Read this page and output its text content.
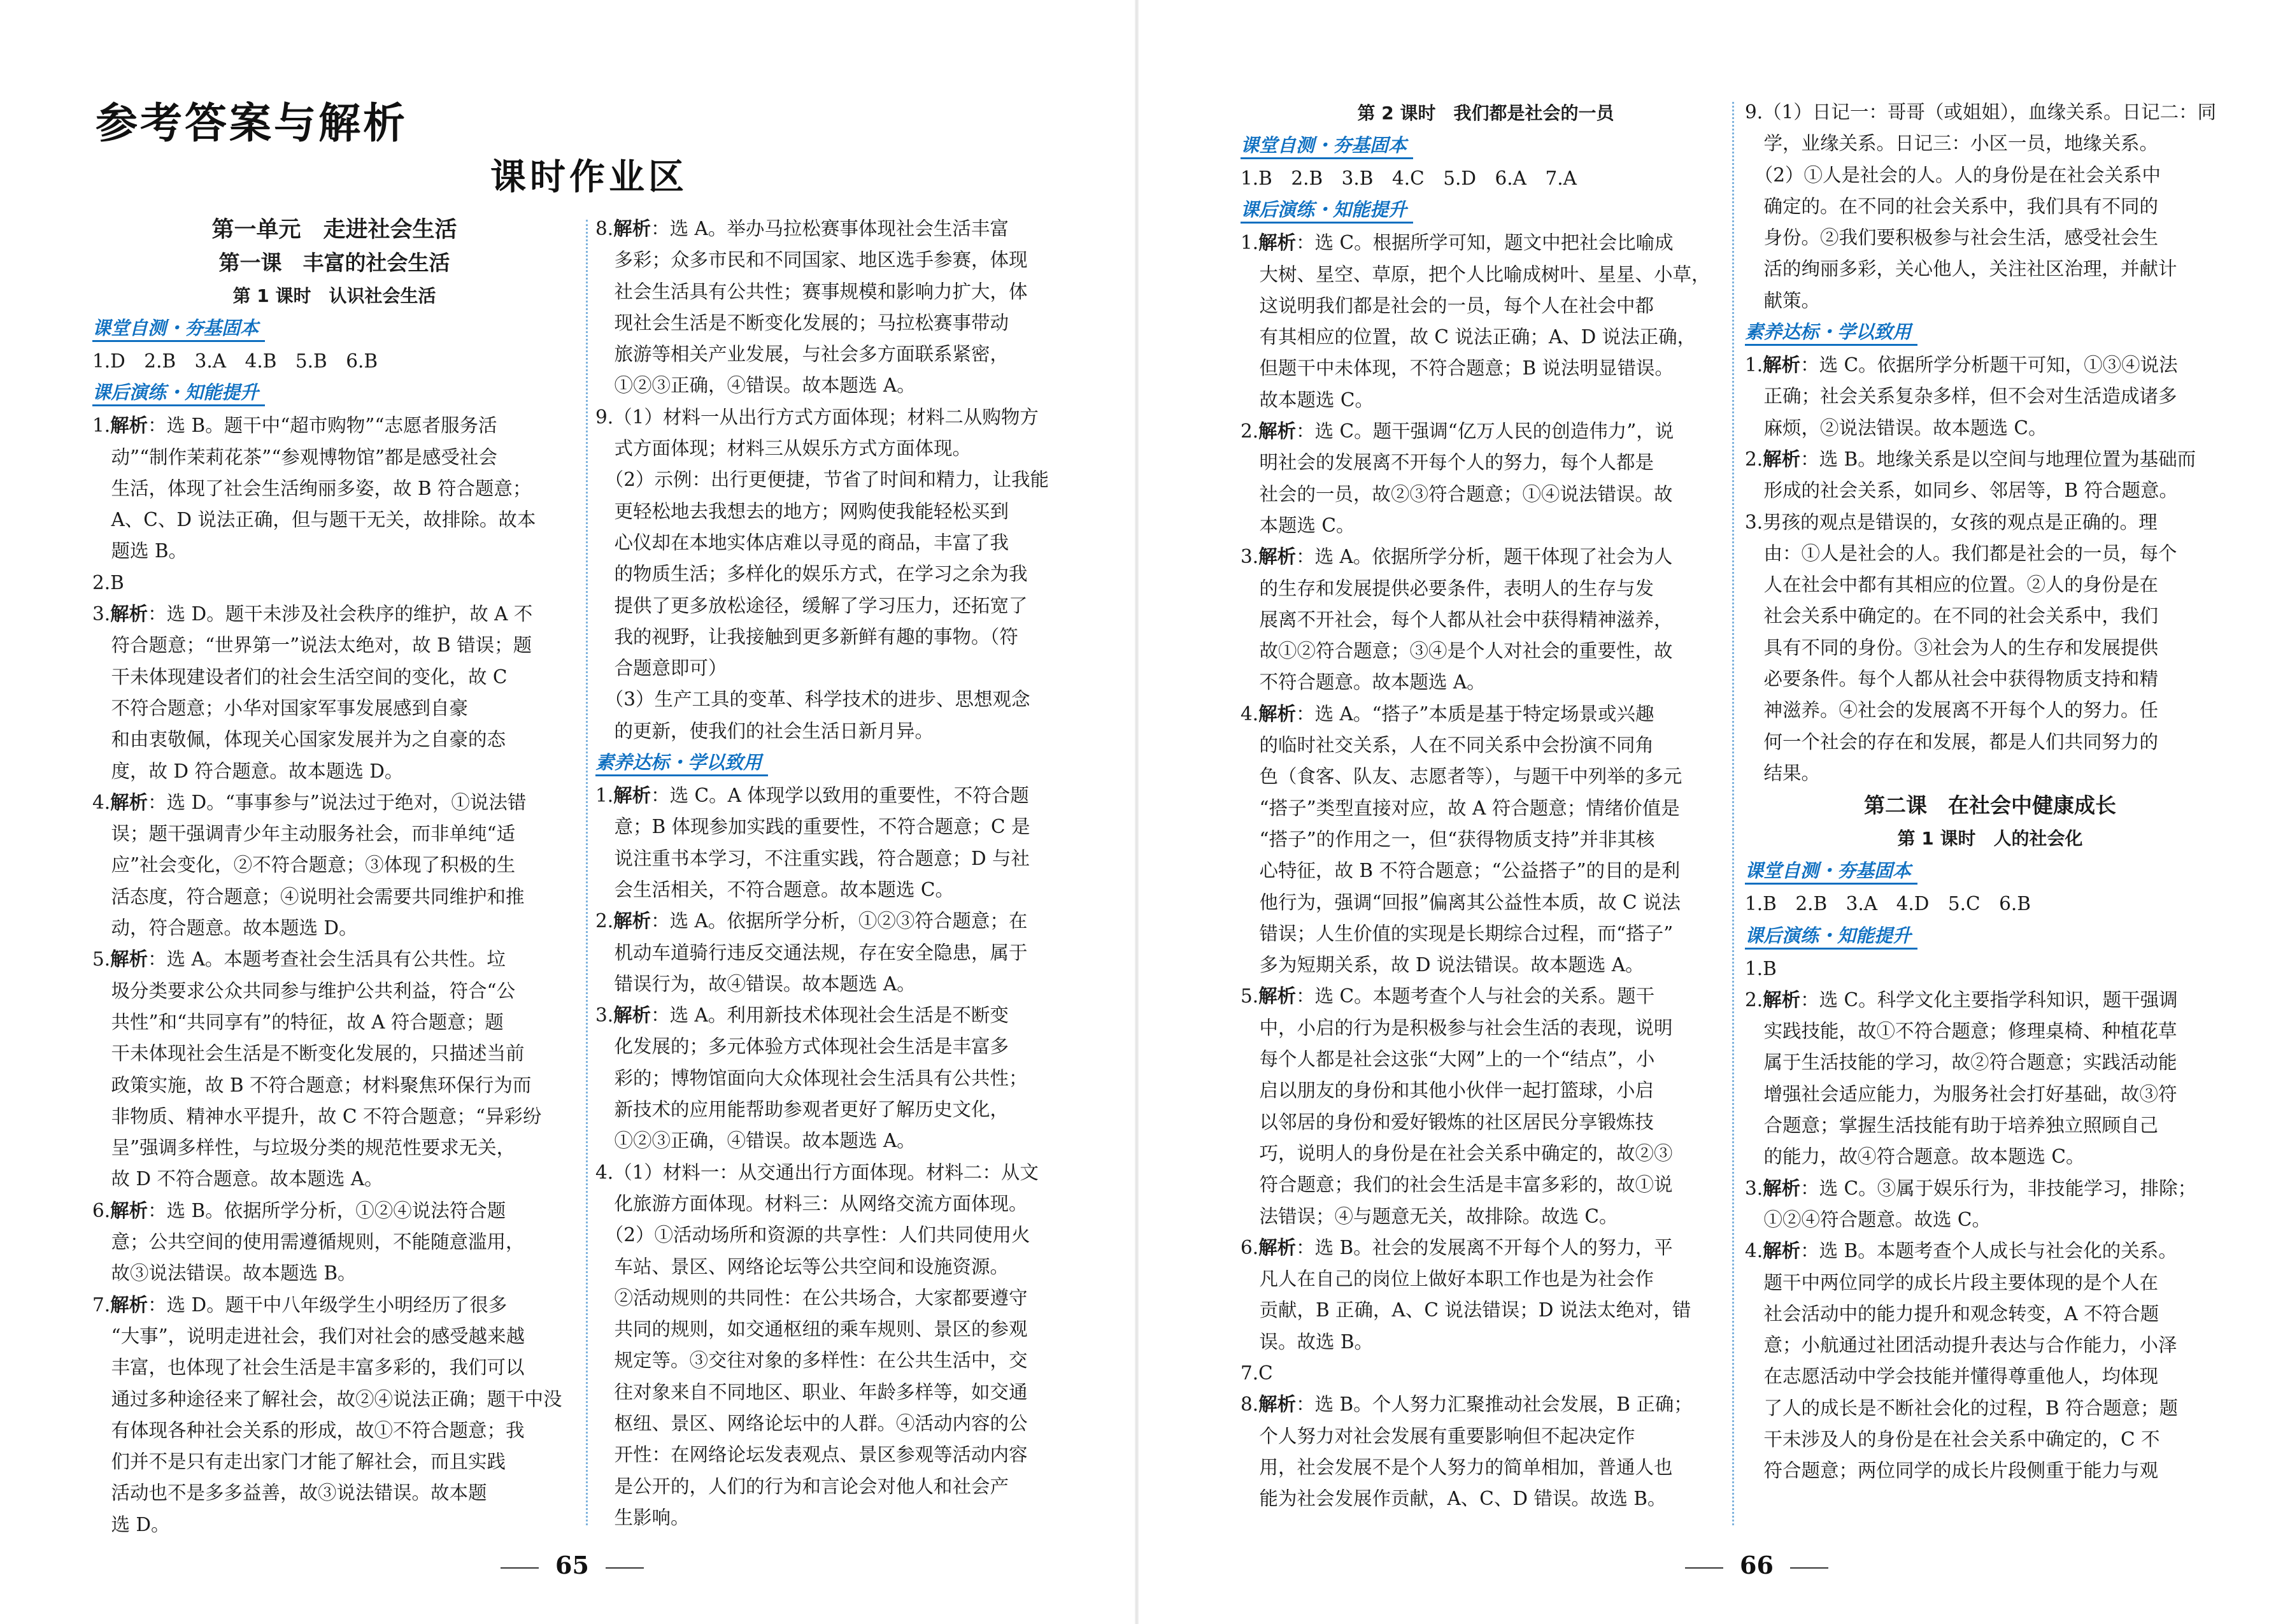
参考答案与解析
课时作业区
第一单元　走进社会生活
第一课　丰富的社会生活
第 1 课时　认识社会生活
课堂自测・夯基固本
1.D　2.B　3.A　4.B　5.B　6.B
课后演练・知能提升
1.解析：选 B。题干中“超市购物”“志愿者服务活
　动”“制作茉莉花茶”“参观博物馆”都是感受社会
　生活，体现了社会生活绚丽多姿，故 B 符合题意；
　A、C、D 说法正确，但与题干无关，故排除。故本
　题选 B。
2.B
3.解析：选 D。题干未涉及社会秩序的维护，故 A 不
　符合题意；“世界第一”说法太绝对，故 B 错误；题
　干未体现建设者们的社会生活空间的变化，故 C
　不符合题意；小华对国家军事发展感到自豪
　和由衷敬佩，体现关心国家发展并为之自豪的态
　度，故 D 符合题意。故本题选 D。
4.解析：选 D。“事事参与”说法过于绝对，①说法错
　误；题干强调青少年主动服务社会，而非单纯“适
　应”社会变化，②不符合题意；③体现了积极的生
　活态度，符合题意；④说明社会需要共同维护和推
　动，符合题意。故本题选 D。
5.解析：选 A。本题考查社会生活具有公共性。垃
　圾分类要求公众共同参与维护公共利益，符合“公
　共性”和“共同享有”的特征，故 A 符合题意；题
　干未体现社会生活是不断变化发展的，只描述当前
　政策实施，故 B 不符合题意；材料聚焦环保行为而
　非物质、精神水平提升，故 C 不符合题意；“异彩纷
　呈”强调多样性，与垃圾分类的规范性要求无关，
　故 D 不符合题意。故本题选 A。
6.解析：选 B。依据所学分析，①②④说法符合题
　意；公共空间的使用需遵循规则，不能随意滥用，
　故③说法错误。故本题选 B。
7.解析：选 D。题干中八年级学生小明经历了很多
　“大事”，说明走进社会，我们对社会的感受越来越
　丰富，也体现了社会生活是丰富多彩的，我们可以
　通过多种途径来了解社会，故②④说法正确；题干中没
　有体现各种社会关系的形成，故①不符合题意；我
　们并不是只有走出家门才能了解社会，而且实践
　活动也不是多多益善，故③说法错误。故本题
　选 D。
8.解析：选 A。举办马拉松赛事体现社会生活丰富
　多彩；众多市民和不同国家、地区选手参赛，体现
　社会生活具有公共性；赛事规模和影响力扩大，体
　现社会生活是不断变化发展的；马拉松赛事带动
　旅游等相关产业发展，与社会多方面联系紧密，
　①②③正确，④错误。故本题选 A。
9.（1）材料一从出行方式方面体现；材料二从购物方
　式方面体现；材料三从娱乐方式方面体现。
　（2）示例：出行更便捷，节省了时间和精力，让我能
　更轻松地去我想去的地方；网购使我能轻松买到
　心仪却在本地实体店难以寻觅的商品，丰富了我
　的物质生活；多样化的娱乐方式，在学习之余为我
　提供了更多放松途径，缓解了学习压力，还拓宽了
　我的视野，让我接触到更多新鲜有趣的事物。（符
　合题意即可）
　（3）生产工具的变革、科学技术的进步、思想观念
　的更新，使我们的社会生活日新月异。
素养达标・学以致用
1.解析：选 C。A 体现学以致用的重要性，不符合题
　意；B 体现参加实践的重要性，不符合题意；C 是
　说注重书本学习，不注重实践，符合题意；D 与社
　会生活相关，不符合题意。故本题选 C。
2.解析：选 A。依据所学分析，①②③符合题意；在
　机动车道骑行违反交通法规，存在安全隐患，属于
　错误行为，故④错误。故本题选 A。
3.解析：选 A。利用新技术体现社会生活是不断变
　化发展的；多元体验方式体现社会生活是丰富多
　彩的；博物馆面向大众体现社会生活具有公共性；
　新技术的应用能帮助参观者更好了解历史文化，
　①②③正确，④错误。故本题选 A。
4.（1）材料一：从交通出行方面体现。材料二：从文
　化旅游方面体现。材料三：从网络交流方面体现。
　（2）①活动场所和资源的共享性：人们共同使用火
　车站、景区、网络论坛等公共空间和设施资源。
　②活动规则的共同性：在公共场合，大家都要遵守
　共同的规则，如交通枢纽的乘车规则、景区的参观
　规定等。③交往对象的多样性：在公共生活中，交
　往对象来自不同地区、职业、年龄多样等，如交通
　枢纽、景区、网络论坛中的人群。④活动内容的公
　开性：在网络论坛发表观点、景区参观等活动内容
　是公开的，人们的行为和言论会对他人和社会产
　生影响。
65
第 2 课时　我们都是社会的一员
课堂自测・夯基固本
1.B　2.B　3.B　4.C　5.D　6.A　7.A
课后演练・知能提升
1.解析：选 C。根据所学可知，题文中把社会比喻成
　大树、星空、草原，把个人比喻成树叶、星星、小草，
　这说明我们都是社会的一员，每个人在社会中都
　有其相应的位置，故 C 说法正确；A、D 说法正确，
　但题干中未体现，不符合题意；B 说法明显错误。
　故本题选 C。
2.解析：选 C。题干强调“亿万人民的创造伟力”，说
　明社会的发展离不开每个人的努力，每个人都是
　社会的一员，故②③符合题意；①④说法错误。故
　本题选 C。
3.解析：选 A。依据所学分析，题干体现了社会为人
　的生存和发展提供必要条件，表明人的生存与发
　展离不开社会，每个人都从社会中获得精神滋养，
　故①②符合题意；③④是个人对社会的重要性，故
　不符合题意。故本题选 A。
4.解析：选 A。“搭子”本质是基于特定场景或兴趣
　的临时社交关系，人在不同关系中会扮演不同角
　色（食客、队友、志愿者等），与题干中列举的多元
　“搭子”类型直接对应，故 A 符合题意；情绪价值是
　“搭子”的作用之一，但“获得物质支持”并非其核
　心特征，故 B 不符合题意；“公益搭子”的目的是利
　他行为，强调“回报”偏离其公益性本质，故 C 说法
　错误；人生价值的实现是长期综合过程，而“搭子”
　多为短期关系，故 D 说法错误。故本题选 A。
5.解析：选 C。本题考查个人与社会的关系。题干
　中，小启的行为是积极参与社会生活的表现，说明
　每个人都是社会这张“大网”上的一个“结点”，小
　启以朋友的身份和其他小伙伴一起打篮球，小启
　以邻居的身份和爱好锻炼的社区居民分享锻炼技
　巧，说明人的身份是在社会关系中确定的，故②③
　符合题意；我们的社会生活是丰富多彩的，故①说
　法错误；④与题意无关，故排除。故选 C。
6.解析：选 B。社会的发展离不开每个人的努力，平
　凡人在自己的岗位上做好本职工作也是为社会作
　贡献，B 正确，A、C 说法错误；D 说法太绝对，错
　误。故选 B。
7.C
8.解析：选 B。个人努力汇聚推动社会发展，B 正确；
　个人努力对社会发展有重要影响但不起决定作
　用，社会发展不是个人努力的简单相加，普通人也
　能为社会发展作贡献，A、C、D 错误。故选 B。
9.（1）日记一：哥哥（或姐姐），血缘关系。日记二：同
　学，业缘关系。日记三：小区一员，地缘关系。
　（2）①人是社会的人。人的身份是在社会关系中
　确定的。在不同的社会关系中，我们具有不同的
　身份。②我们要积极参与社会生活，感受社会生
　活的绚丽多彩，关心他人，关注社区治理，并献计
　献策。
素养达标・学以致用
1.解析：选 C。依据所学分析题干可知，①③④说法
　正确；社会关系复杂多样，但不会对生活造成诸多
　麻烦，②说法错误。故本题选 C。
2.解析：选 B。地缘关系是以空间与地理位置为基础而
　形成的社会关系，如同乡、邻居等，B 符合题意。
3.男孩的观点是错误的，女孩的观点是正确的。理
　由：①人是社会的人。我们都是社会的一员，每个
　人在社会中都有其相应的位置。②人的身份是在
　社会关系中确定的。在不同的社会关系中，我们
　具有不同的身份。③社会为人的生存和发展提供
　必要条件。每个人都从社会中获得物质支持和精
　神滋养。④社会的发展离不开每个人的努力。任
　何一个社会的存在和发展，都是人们共同努力的
　结果。
第二课　在社会中健康成长
第 1 课时　人的社会化
课堂自测・夯基固本
1.B　2.B　3.A　4.D　5.C　6.B
课后演练・知能提升
1.B
2.解析：选 C。科学文化主要指学科知识，题干强调
　实践技能，故①不符合题意；修理桌椅、种植花草
　属于生活技能的学习，故②符合题意；实践活动能
　增强社会适应能力，为服务社会打好基础，故③符
　合题意；掌握生活技能有助于培养独立照顾自己
　的能力，故④符合题意。故本题选 C。
3.解析：选 C。③属于娱乐行为，非技能学习，排除；
　①②④符合题意。故选 C。
4.解析：选 B。本题考查个人成长与社会化的关系。
　题干中两位同学的成长片段主要体现的是个人在
　社会活动中的能力提升和观念转变，A 不符合题
　意；小航通过社团活动提升表达与合作能力，小泽
　在志愿活动中学会技能并懂得尊重他人，均体现
　了人的成长是不断社会化的过程，B 符合题意；题
　干未涉及人的身份是在社会关系中确定的，C 不
　符合题意；两位同学的成长片段侧重于能力与观
66
